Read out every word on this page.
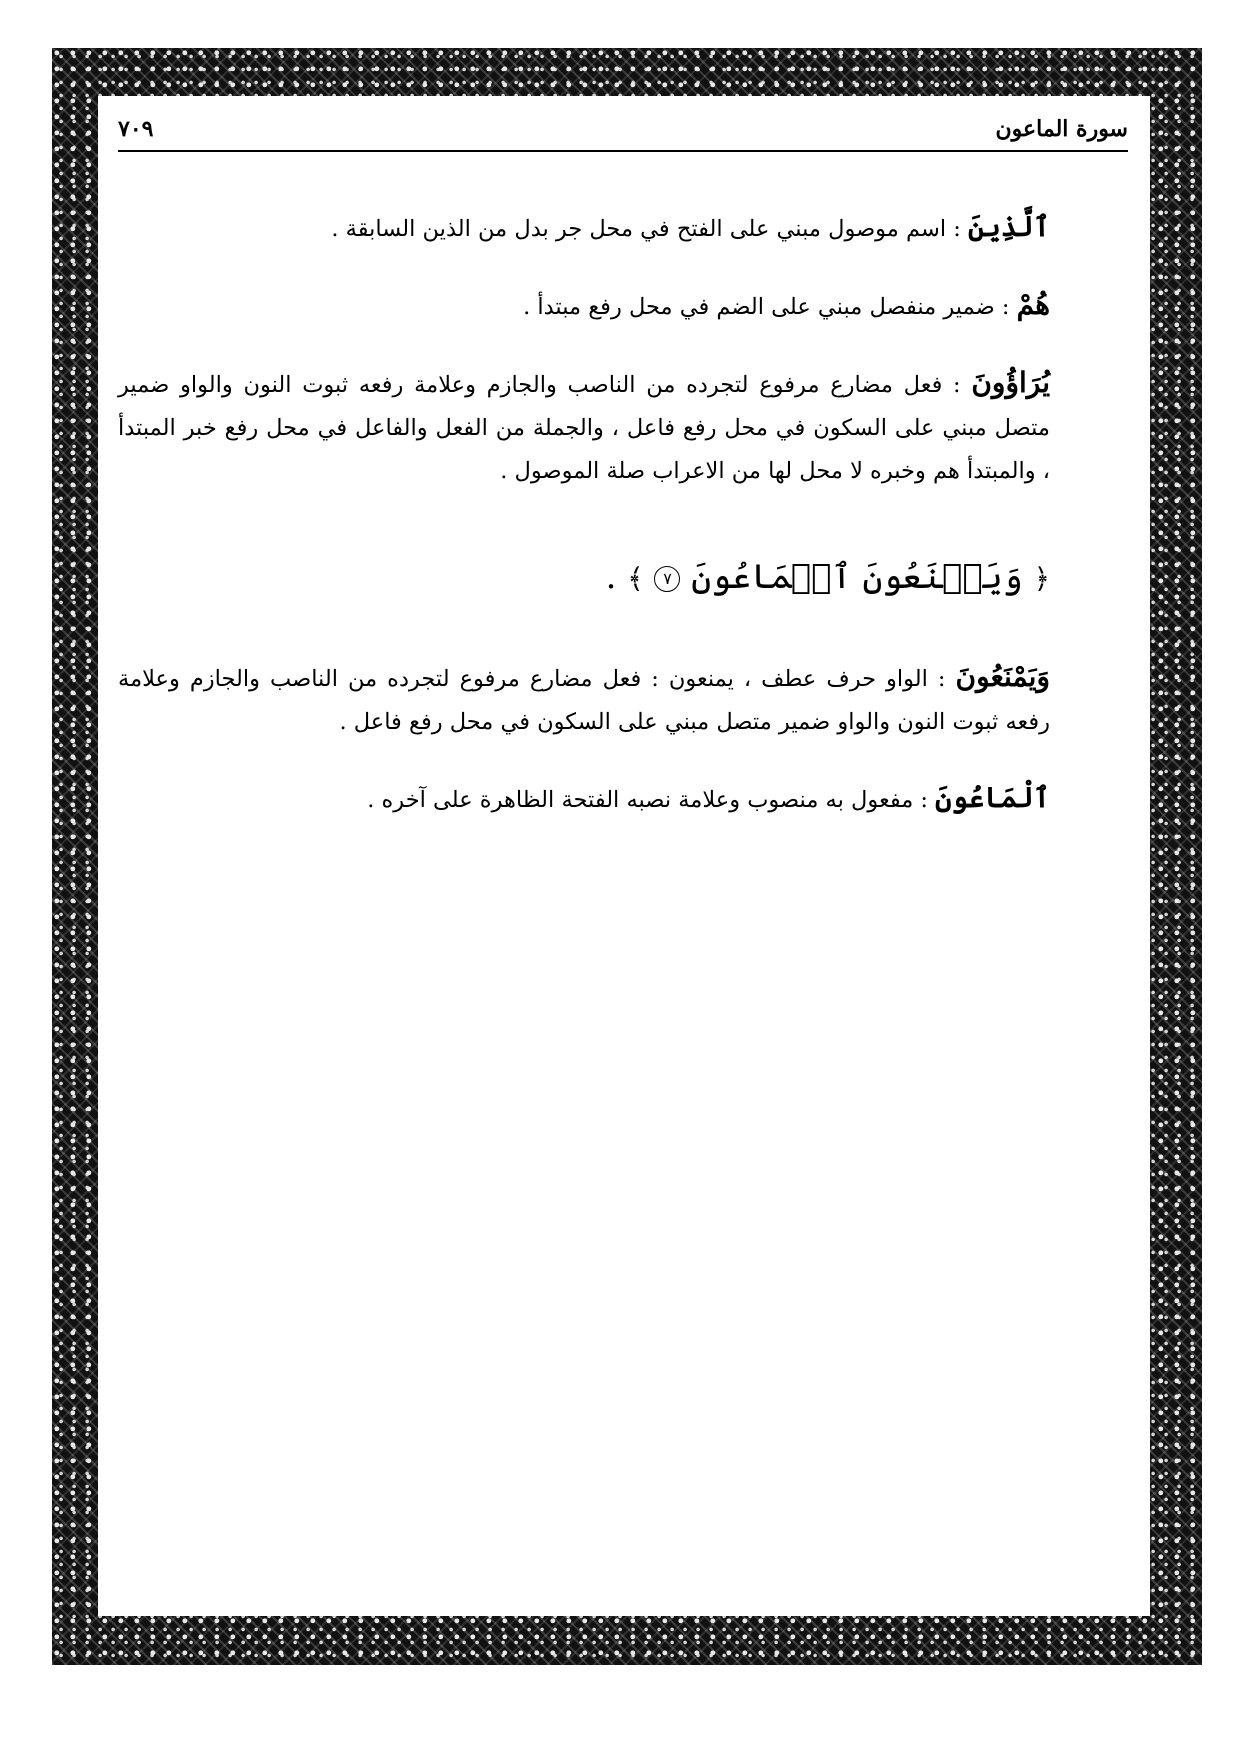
سورة الماعون
٧٠٩

ٱلَّذِينَ : اسم موصول مبني على الفتح في محل جر بدل من الذين السابقة .

هُمْ : ضمير منفصل مبني على الضم في محل رفع مبتدأ .

يُرَاؤُونَ : فعل مضارع مرفوع لتجرده من الناصب والجازم وعلامة رفعه ثبوت النون والواو ضمير متصل مبني على السكون في محل رفع فاعل ، والجملة من الفعل والفاعل في محل رفع خبر المبتدأ ، والمبتدأ هم وخبره لا محل لها من الاعراب صلة الموصول .

﴿ وَيَمۡنَعُونَ ٱلۡمَاعُونَ ٧ ﴾ .

وَيَمْنَعُونَ : الواو حرف عطف ، يمنعون : فعل مضارع مرفوع لتجرده من الناصب والجازم وعلامة رفعه ثبوت النون والواو ضمير متصل مبني على السكون في محل رفع فاعل .

ٱلْمَاعُونَ : مفعول به منصوب وعلامة نصبه الفتحة الظاهرة على آخره .
